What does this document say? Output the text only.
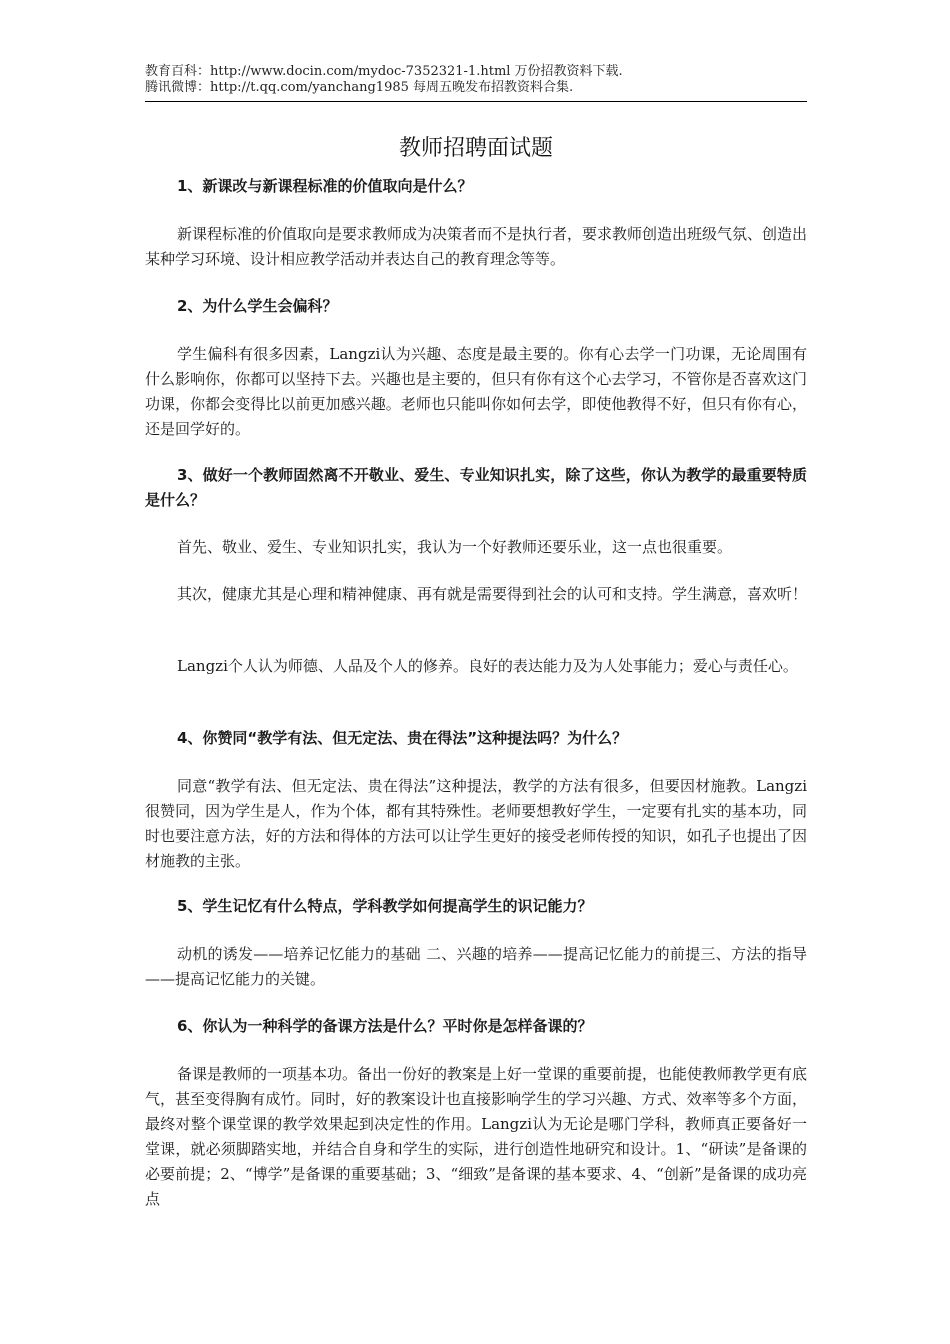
教育百科：http://www.docin.com/mydoc-7352321-1.html 万份招教资料下载.
腾讯微博：http://t.qq.com/yanchang1985 每周五晚发布招教资料合集.
教师招聘面试题

1、新课改与新课程标准的价值取向是什么？

新课程标准的价值取向是要求教师成为决策者而不是执行者，要求教师创造出班级气氛、创造出某种学习环境、设计相应教学活动并表达自己的教育理念等等。

2、为什么学生会偏科？

学生偏科有很多因素，Langzi认为兴趣、态度是最主要的。你有心去学一门功课，无论周围有什么影响你，你都可以坚持下去。兴趣也是主要的，但只有你有这个心去学习，不管你是否喜欢这门功课，你都会变得比以前更加感兴趣。老师也只能叫你如何去学，即使他教得不好，但只有你有心，还是回学好的。

3、做好一个教师固然离不开敬业、爱生、专业知识扎实，除了这些，你认为教学的最重要特质是什么？

首先、敬业、爱生、专业知识扎实，我认为一个好教师还要乐业，这一点也很重要。

其次，健康尤其是心理和精神健康、再有就是需要得到社会的认可和支持。学生满意，喜欢听！

Langzi个人认为师德、人品及个人的修养。良好的表达能力及为人处事能力；爱心与责任心。

4、你赞同“教学有法、但无定法、贵在得法”这种提法吗？为什么？

同意“教学有法、但无定法、贵在得法”这种提法，教学的方法有很多，但要因材施教。Langzi很赞同，因为学生是人，作为个体，都有其特殊性。老师要想教好学生，一定要有扎实的基本功，同时也要注意方法，好的方法和得体的方法可以让学生更好的接受老师传授的知识，如孔子也提出了因材施教的主张。

5、学生记忆有什么特点，学科教学如何提高学生的识记能力？

动机的诱发——培养记忆能力的基础 二、兴趣的培养——提高记忆能力的前提三、方法的指导——提高记忆能力的关键。

6、你认为一种科学的备课方法是什么？平时你是怎样备课的？

备课是教师的一项基本功。备出一份好的教案是上好一堂课的重要前提，也能使教师教学更有底气，甚至变得胸有成竹。同时，好的教案设计也直接影响学生的学习兴趣、方式、效率等多个方面，最终对整个课堂课的教学效果起到决定性的作用。Langzi认为无论是哪门学科，教师真正要备好一堂课，就必须脚踏实地，并结合自身和学生的实际，进行创造性地研究和设计。1、“研读”是备课的必要前提；2、“博学”是备课的重要基础；3、“细致”是备课的基本要求、4、“创新”是备课的成功亮点
